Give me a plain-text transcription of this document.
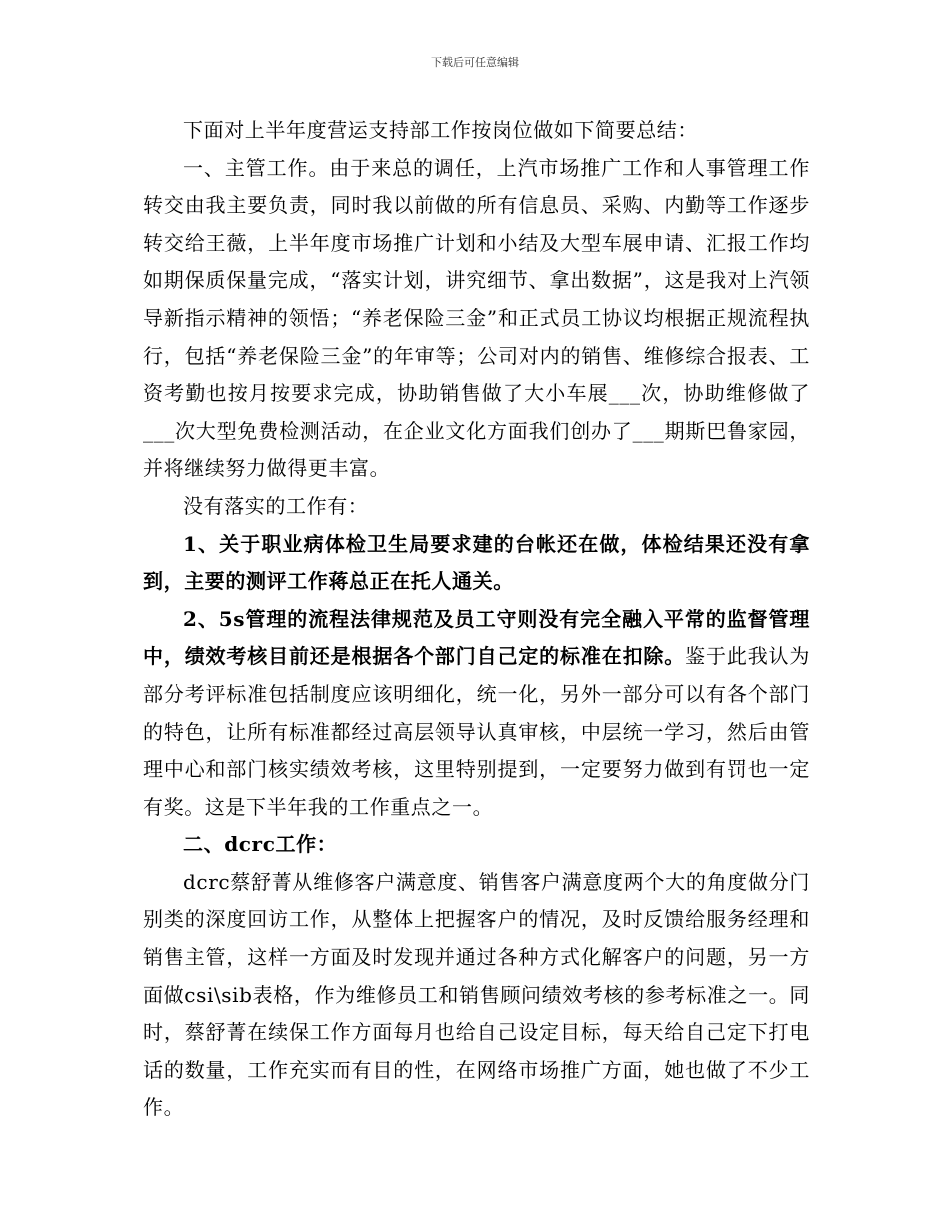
下载后可任意编辑

下面对上半年度营运支持部工作按岗位做如下简要总结：

一、主管工作。由于来总的调任，上汽市场推广工作和人事管理工作转交由我主要负责，同时我以前做的所有信息员、采购、内勤等工作逐步转交给王薇，上半年度市场推广计划和小结及大型车展申请、汇报工作均如期保质保量完成，“落实计划，讲究细节、拿出数据”，这是我对上汽领导新指示精神的领悟；“养老保险三金”和正式员工协议均根据正规流程执行，包括“养老保险三金”的年审等；公司对内的销售、维修综合报表、工资考勤也按月按要求完成，协助销售做了大小车展___次，协助维修做了___次大型免费检测活动，在企业文化方面我们创办了___期斯巴鲁家园，并将继续努力做得更丰富。

没有落实的工作有：

1、关于职业病体检卫生局要求建的台帐还在做，体检结果还没有拿到，主要的测评工作蒋总正在托人通关。

2、5s管理的流程法律规范及员工守则没有完全融入平常的监督管理中，绩效考核目前还是根据各个部门自己定的标准在扣除。鉴于此我认为部分考评标准包括制度应该明细化，统一化，另外一部分可以有各个部门的特色，让所有标准都经过高层领导认真审核，中层统一学习，然后由管理中心和部门核实绩效考核，这里特别提到，一定要努力做到有罚也一定有奖。这是下半年我的工作重点之一。

二、dcrc工作：

dcrc蔡舒菁从维修客户满意度、销售客户满意度两个大的角度做分门别类的深度回访工作，从整体上把握客户的情况，及时反馈给服务经理和销售主管，这样一方面及时发现并通过各种方式化解客户的问题，另一方面做csi\sib表格，作为维修员工和销售顾问绩效考核的参考标准之一。同时，蔡舒菁在续保工作方面每月也给自己设定目标，每天给自己定下打电话的数量，工作充实而有目的性，在网络市场推广方面，她也做了不少工作。
